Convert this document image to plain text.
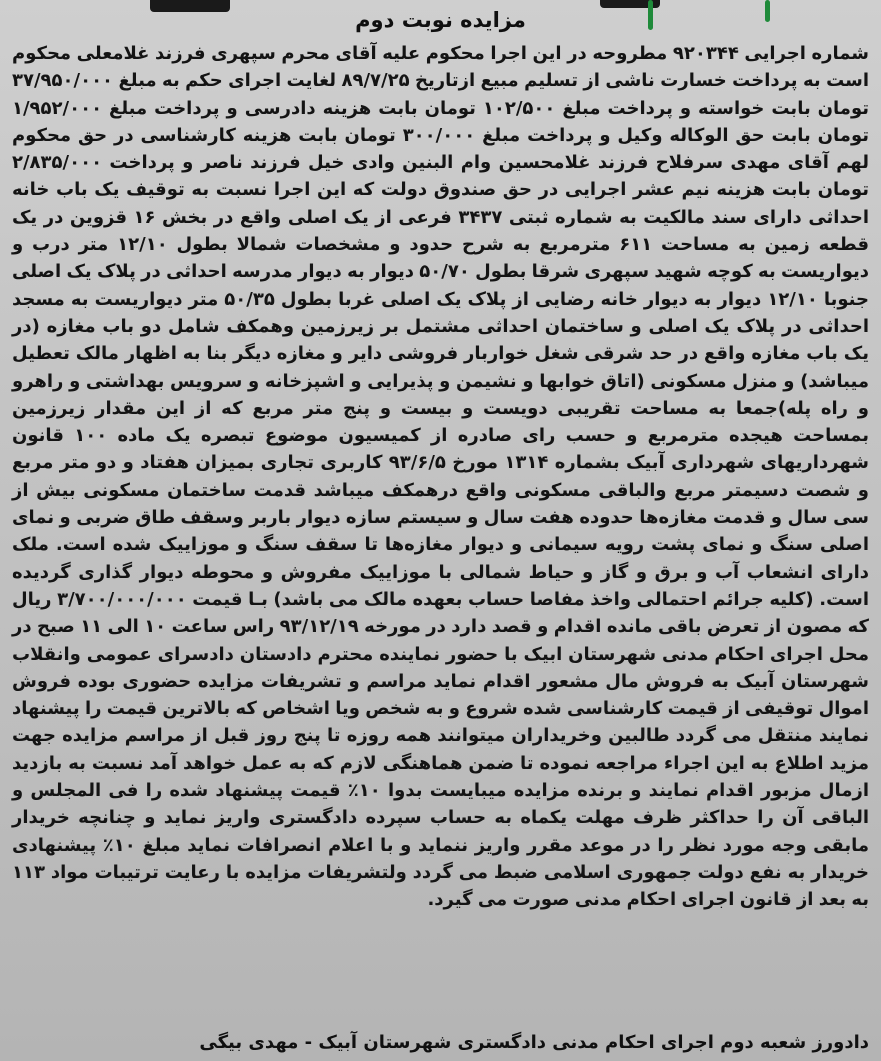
مزایده نوبت دوم
شماره اجرایی ۹۲۰۳۴۴ مطروحه در این اجرا محکوم علیه آقای محرم سپهری فرزند غلامعلی محکوم است به پرداخت خسارت ناشی از تسلیم مبیع ازتاریخ ۸۹/۷/۲۵ لغایت اجرای حکم به مبلغ ۳۷/۹۵۰/۰۰۰ تومان بابت خواسته و پرداخت مبلغ ۱۰۲/۵۰۰ تومان بابت هزینه دادرسی و پرداخت مبلغ ۱/۹۵۲/۰۰۰ تومان بابت حق الوکاله وکیل و پرداخت مبلغ ۳۰۰/۰۰۰ تومان بابت هزینه کارشناسی در حق محکوم لهم آقای مهدی سرفلاح فرزند غلامحسین وام البنین وادی خیل فرزند ناصر و پرداخت ۲/۸۳۵/۰۰۰ تومان بابت هزینه نیم عشر اجرایی در حق صندوق دولت که این اجرا نسبت به توقیف یک باب خانه احداثی دارای سند مالکیت به شماره ثبتی ۳۴۳۷ فرعی از یک اصلی واقع در بخش ۱۶ قزوین در یک قطعه زمین به مساحت ۶۱۱ مترمربع به شرح حدود و مشخصات شمالا بطول ۱۲/۱۰ متر درب و دیواریست به کوچه شهید سپهری شرقا بطول ۵۰/۷۰ دیوار به دیوار مدرسه احداثی در پلاک یک اصلی جنوبا ۱۲/۱۰ دیوار به دیوار خانه رضایی از پلاک یک اصلی غربا بطول ۵۰/۳۵ متر دیواریست به مسجد احداثی در پلاک یک اصلی و ساختمان احداثی مشتمل بر زیرزمین وهمکف شامل دو باب مغازه (در یک باب مغازه واقع در حد شرقی شغل خواربار فروشی دایر و مغازه دیگر بنا به اظهار مالک تعطیل میباشد) و منزل مسکونی (اتاق خوابها و نشیمن و پذیرایی و اشپزخانه و سرویس بهداشتی و راهرو و راه پله)جمعا به مساحت تقریبی دویست و بیست و پنج متر مربع که از این مقدار زیرزمین بمساحت هیجده مترمربع و حسب رای صادره از کمیسیون موضوع تبصره یک ماده ۱۰۰ قانون شهرداریهای شهرداری آبیک بشماره ۱۳۱۴ مورخ ۹۳/۶/۵ کاربری تجاری بمیزان هفتاد و دو متر مربع و شصت دسیمتر مربع والباقی مسکونی واقع درهمکف میباشد قدمت ساختمان مسکونی بیش از سی سال و قدمت مغازه‌ها حدوده هفت سال و سیستم سازه دیوار باربر وسقف طاق ضربی و نمای اصلی سنگ و نمای پشت رویه سیمانی و دیوار مغازه‌ها تا سقف سنگ و موزاییک شده است. ملک دارای انشعاب آب و برق و گاز و حیاط شمالی با موزاییک مفروش و محوطه دیوار گذاری گردیده است. (کلیه جرائم احتمالی واخذ مفاصا حساب بعهده مالک می باشد) بـا قیمت ۳/۷۰۰/۰۰۰/۰۰۰ ریال که مصون از تعرض باقی مانده اقدام و قصد دارد در مورخه ۹۳/۱۲/۱۹ راس ساعت ۱۰ الی ۱۱ صبح در محل اجرای احکام مدنی شهرستان ابیک با حضور نماینده محترم دادستان دادسرای عمومی وانقلاب شهرستان آبیک به فروش مال مشعور اقدام نماید مراسم و تشریفات مزایده حضوری بوده فروش اموال توقیفی از قیمت کارشناسی شده شروع و به شخص ویا اشخاص که بالاترین قیمت را پیشنهاد نمایند منتقل می گردد طالبین وخریداران میتوانند همه روزه تا پنج روز قبل از مراسم مزایده جهت مزید اطلاع به این اجراء مراجعه نموده تا ضمن هماهنگی لازم که به عمل خواهد آمد نسبت به بازدید ازمال مزبور اقدام نمایند و برنده مزایده میبایست بدوا ۱۰٪ قیمت پیشنهاد شده را فی المجلس و الباقی آن را حداکثر ظرف مهلت یکماه به حساب سپرده دادگستری واریز نماید و چنانچه خریدار مابقی وجه مورد نظر را در موعد مقرر واریز ننماید و با اعلام انصرافات نماید مبلغ ۱۰٪ پیشنهادی خریدار به نفع دولت جمهوری اسلامی ضبط می گردد ولتشریفات مزایده با رعایت ترتیبات مواد ۱۱۳ به بعد از قانون اجرای احکام مدنی صورت می گیرد.
دادورز شعبه دوم اجرای احکام مدنی دادگستری شهرستان آبیک - مهدی بیگی
